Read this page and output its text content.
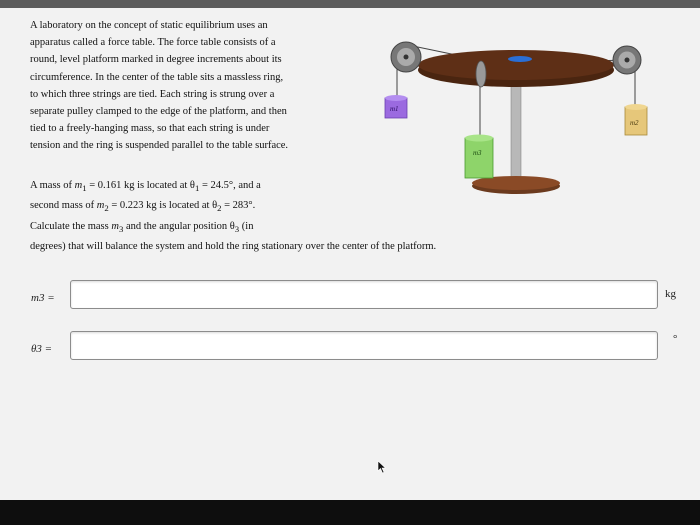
A laboratory on the concept of static equilibrium uses an

apparatus called a force table. The force table consists of a

round, level platform marked in degree increments about its

circumference. In the center of the table sits a massless ring,

to which three strings are tied. Each string is strung over a

separate pulley clamped to the edge of the platform, and then

tied to a freely-hanging mass, so that each string is under

tension and the ring is suspended parallel to the table surface.

A mass of $m_1 = 0.161$ kg is located at $\theta_1 = 24.5^\circ$, and a

second mass of $m_2 = 0.223$ kg is located at $\theta_2 = 283^\circ$.

Calculate the mass $m_3$ and the angular position $\theta_3$ (in

degrees) that will balance the system and hold the ring stationary over the center of the platform.

m1
m2
m3
m3 =	kg
θ3 =
°
